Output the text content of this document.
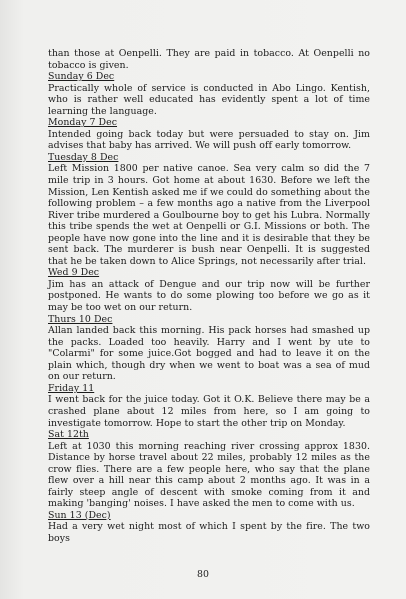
than those at Oenpelli. They are paid in tobacco. At Oenpelli no tobacco is given.

Sunday 6 Dec

Practically whole of service is conducted in Abo Lingo. Kentish, who is rather well educated has evidently spent a lot of time learning the language.

Monday 7 Dec

Intended going back today but were persuaded to stay on. Jim advises that baby has arrived. We will push off early tomorrow.

Tuesday 8 Dec

Left Mission 1800 per native canoe. Sea very calm so did the 7 mile trip in 3 hours. Got home at about 1630. Before we left the Mission, Len Kentish asked me if we could do something about the following problem – a few months ago a native from the Liverpool River tribe murdered a Goulbourne boy to get his Lubra. Normally this tribe spends the wet at Oenpelli or G.I. Missions or both. The people have now gone into the line and it is desirable that they be sent back. The murderer is bush near Oenpelli. It is suggested that he be taken down to Alice Springs, not necessarily after trial.

Wed 9 Dec

Jim has an attack of Dengue and our trip now will be further postponed. He wants to do some plowing too before we go as it may be too wet on our return.

Thurs 10 Dec

Allan landed back this morning. His pack horses had smashed up the packs. Loaded too heavily. Harry and I went by ute to "Colarmi" for some juice.Got bogged and had to leave it on the plain which, though dry when we went to boat was a sea of mud on our return.

Friday 11

I went back for the juice today. Got it O.K. Believe there may be a crashed plane about 12 miles from here, so I am going to investigate tomorrow. Hope to start the other trip on Monday.

Sat 12th

Left at 1030 this morning reaching river crossing approx 1830. Distance by horse travel about 22 miles, probably 12 miles as the crow flies. There are a few people here, who say that the plane flew over a hill near this camp about 2 months ago. It was in a fairly steep angle of descent with smoke coming from it and making 'banging' noises. I have asked the men to come with us.

Sun 13 (Dec)

Had a very wet night most of which I spent by the fire. The two boys

80
